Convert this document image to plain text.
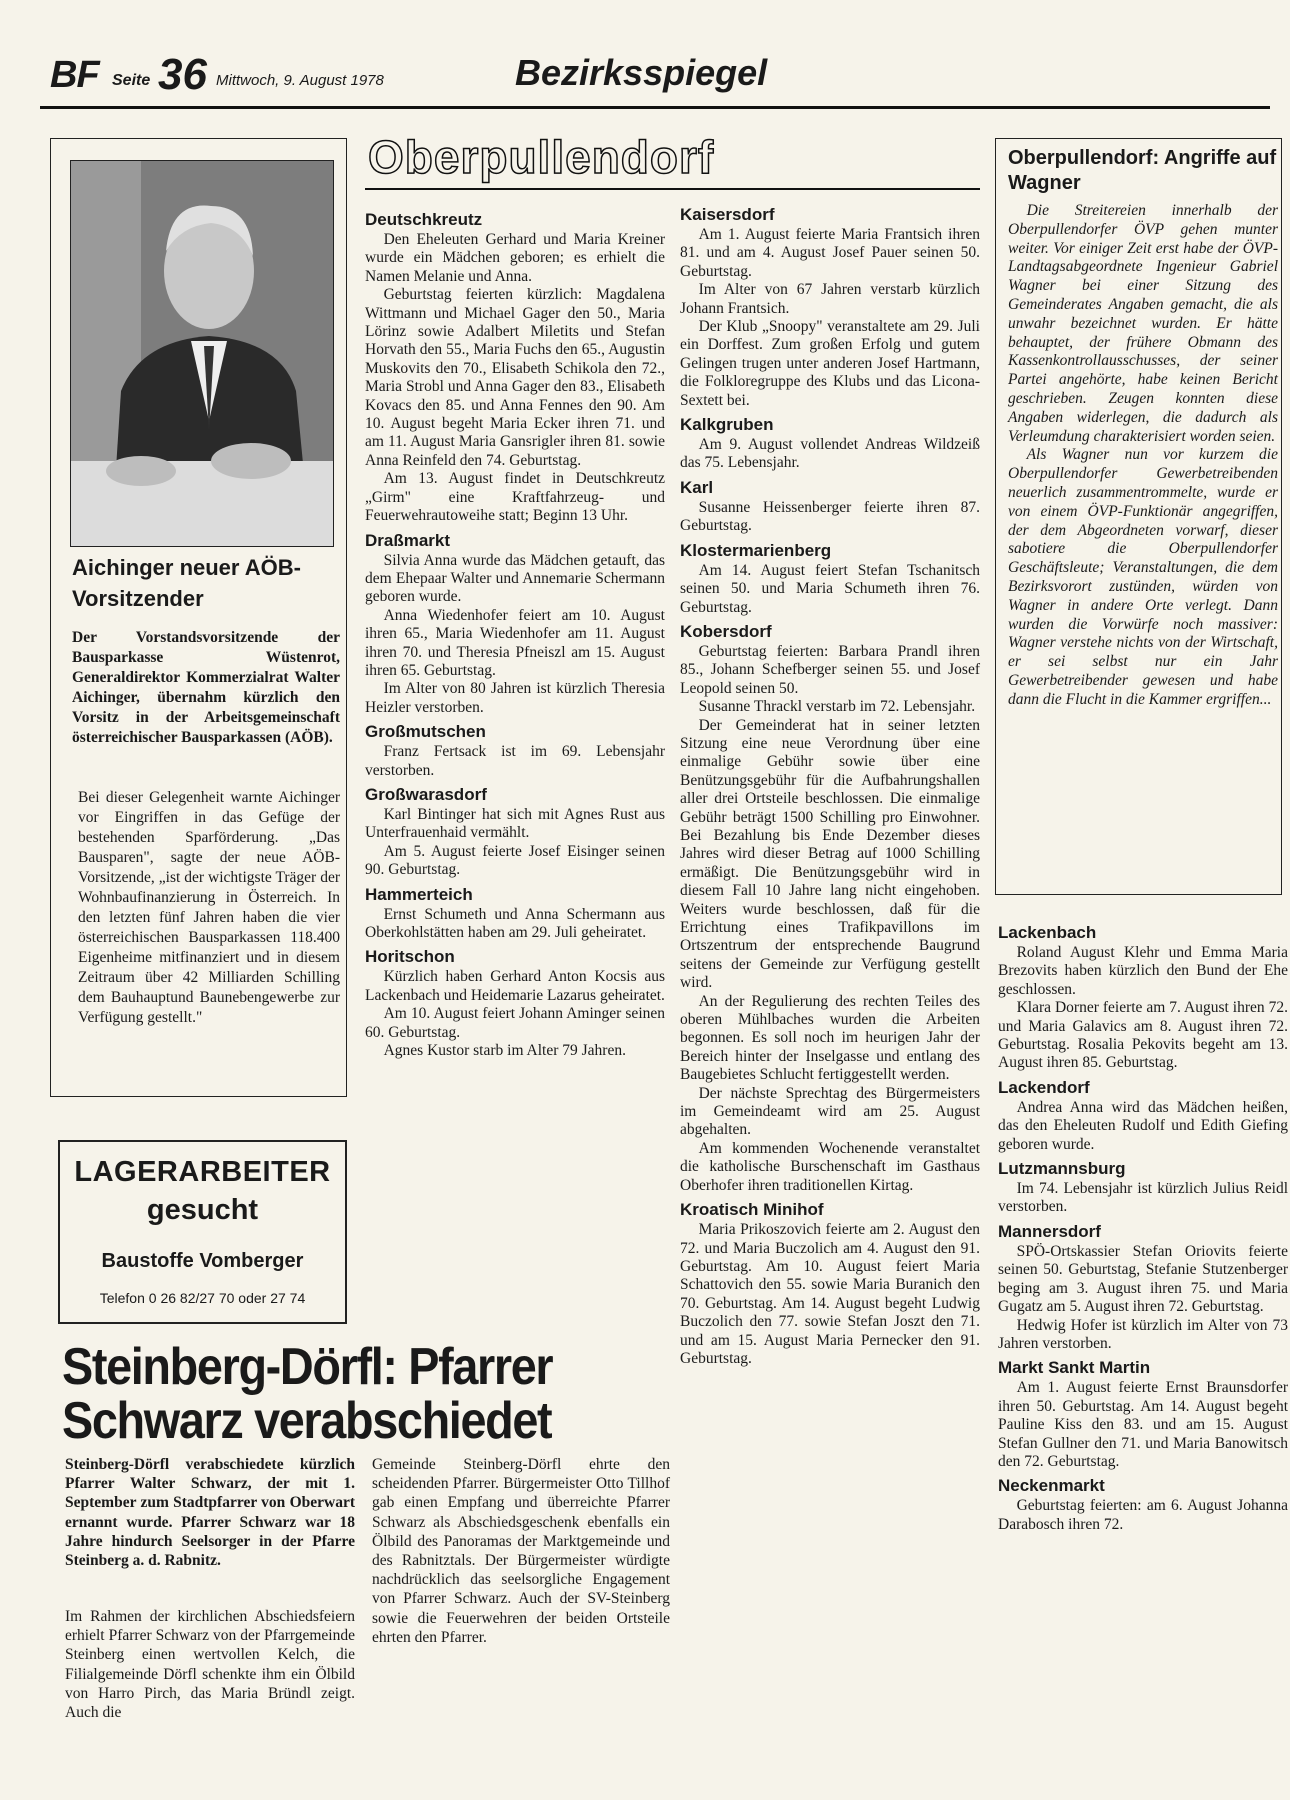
BF Seite 36 Mittwoch, 9. August 1978	Bezirksspiegel
Aichinger neuer AÖB-Vorsitzender
Der Vorstandsvorsitzende der Bausparkasse Wüstenrot, Generaldirektor Kommerzialrat Walter Aichinger, übernahm kürzlich den Vorsitz in der Arbeitsgemeinschaft österreichischer Bausparkassen (AÖB).
Bei dieser Gelegenheit warnte Aichinger vor Eingriffen in das Gefüge der bestehenden Sparförderung. „Das Bausparen", sagte der neue AÖB-Vorsitzende, „ist der wichtigste Träger der Wohnbaufinanzierung in Österreich. In den letzten fünf Jahren haben die vier österreichischen Bausparkassen 118.400 Eigenheime mitfinanziert und in diesem Zeitraum über 42 Milliarden Schilling dem Bauhauptund Baunebengewerbe zur Verfügung gestellt."
LAGERARBEITER
gesucht
Baustoffe Vomberger
Telefon 0 26 82/27 70 oder 27 74
Oberpullendorf
Deutschkreutz

Den Eheleuten Gerhard und Maria Kreiner wurde ein Mädchen geboren; es erhielt die Namen Melanie und Anna.

Geburtstag feierten kürzlich: Magdalena Wittmann und Michael Gager den 50., Maria Lörinz sowie Adalbert Miletits und Stefan Horvath den 55., Maria Fuchs den 65., Augustin Muskovits den 70., Elisabeth Schikola den 72., Maria Strobl und Anna Gager den 83., Elisabeth Kovacs den 85. und Anna Fennes den 90. Am 10. August begeht Maria Ecker ihren 71. und am 11. August Maria Gansrigler ihren 81. sowie Anna Reinfeld den 74. Geburtstag.

Am 13. August findet in Deutschkreutz „Girm" eine Kraftfahrzeug- und Feuerwehrautoweihe statt; Beginn 13 Uhr.

Draßmarkt

Silvia Anna wurde das Mädchen getauft, das dem Ehepaar Walter und Annemarie Schermann geboren wurde.

Anna Wiedenhofer feiert am 10. August ihren 65., Maria Wiedenhofer am 11. August ihren 70. und Theresia Pfneiszl am 15. August ihren 65. Geburtstag.

Im Alter von 80 Jahren ist kürzlich Theresia Heizler verstorben.

Großmutschen

Franz Fertsack ist im 69. Lebensjahr verstorben.

Großwarasdorf

Karl Bintinger hat sich mit Agnes Rust aus Unterfrauenhaid vermählt.

Am 5. August feierte Josef Eisinger seinen 90. Geburtstag.

Hammerteich

Ernst Schumeth und Anna Schermann aus Oberkohlstätten haben am 29. Juli geheiratet.

Horitschon

Kürzlich haben Gerhard Anton Kocsis aus Lackenbach und Heidemarie Lazarus geheiratet.

Am 10. August feiert Johann Aminger seinen 60. Geburtstag.

Agnes Kustor starb im Alter 79 Jahren.

Kaisersdorf

Am 1. August feierte Maria Frantsich ihren 81. und am 4. August Josef Pauer seinen 50. Geburtstag.

Im Alter von 67 Jahren verstarb kürzlich Johann Frantsich.

Der Klub „Snoopy" veranstaltete am 29. Juli ein Dorffest. Zum großen Erfolg und gutem Gelingen trugen unter anderen Josef Hartmann, die Folkloregruppe des Klubs und das Licona-Sextett bei.

Kalkgruben

Am 9. August vollendet Andreas Wildzeiß das 75. Lebensjahr.

Karl

Susanne Heissenberger feierte ihren 87. Geburtstag.

Klostermarienberg

Am 14. August feiert Stefan Tschanitsch seinen 50. und Maria Schumeth ihren 76. Geburtstag.

Kobersdorf

Geburtstag feierten: Barbara Prandl ihren 85., Johann Schefberger seinen 55. und Josef Leopold seinen 50.

Susanne Thrackl verstarb im 72. Lebensjahr.

Der Gemeinderat hat in seiner letzten Sitzung eine neue Verordnung über eine einmalige Gebühr sowie über eine Benützungsgebühr für die Aufbahrungshallen aller drei Ortsteile beschlossen. Die einmalige Gebühr beträgt 1500 Schilling pro Einwohner. Bei Bezahlung bis Ende Dezember dieses Jahres wird dieser Betrag auf 1000 Schilling ermäßigt. Die Benützungsgebühr wird in diesem Fall 10 Jahre lang nicht eingehoben. Weiters wurde beschlossen, daß für die Errichtung eines Trafikpavillons im Ortszentrum der entsprechende Baugrund seitens der Gemeinde zur Verfügung gestellt wird.

An der Regulierung des rechten Teiles des oberen Mühlbaches wurden die Arbeiten begonnen. Es soll noch im heurigen Jahr der Bereich hinter der Inselgasse und entlang des Baugebietes Schlucht fertiggestellt werden.

Der nächste Sprechtag des Bürgermeisters im Gemeindeamt wird am 25. August abgehalten.

Am kommenden Wochenende veranstaltet die katholische Burschenschaft im Gasthaus Oberhofer ihren traditionellen Kirtag.

Kroatisch Minihof

Maria Prikoszovich feierte am 2. August den 72. und Maria Buczolich am 4. August den 91. Geburtstag. Am 10. August feiert Maria Schattovich den 55. sowie Maria Buranich den 70. Geburtstag. Am 14. August begeht Ludwig Buczolich den 77. sowie Stefan Joszt den 71. und am 15. August Maria Pernecker den 91. Geburtstag.

Oberpullendorf: Angriffe auf Wagner

Die Streitereien innerhalb der Oberpullendorfer ÖVP gehen munter weiter. Vor einiger Zeit erst habe der ÖVP-Landtagsabgeordnete Ingenieur Gabriel Wagner bei einer Sitzung des Gemeinderates Angaben gemacht, die als unwahr bezeichnet wurden. Er hätte behauptet, der frühere Obmann des Kassenkontrollausschusses, der seiner Partei angehörte, habe keinen Bericht geschrieben. Zeugen konnten diese Angaben widerlegen, die dadurch als Verleumdung charakterisiert worden seien.

Als Wagner nun vor kurzem die Oberpullendorfer Gewerbetreibenden neuerlich zusammentrommelte, wurde er von einem ÖVP-Funktionär angegriffen, der dem Abgeordneten vorwarf, dieser sabotiere die Oberpullendorfer Geschäftsleute; Veranstaltungen, die dem Bezirksvorort zustünden, würden von Wagner in andere Orte verlegt. Dann wurden die Vorwürfe noch massiver: Wagner verstehe nichts von der Wirtschaft, er sei selbst nur ein Jahr Gewerbetreibender gewesen und habe dann die Flucht in die Kammer ergriffen...

Lackenbach

Roland August Klehr und Emma Maria Brezovits haben kürzlich den Bund der Ehe geschlossen.

Klara Dorner feierte am 7. August ihren 72. und Maria Galavics am 8. August ihren 72. Geburtstag. Rosalia Pekovits begeht am 13. August ihren 85. Geburtstag.

Lackendorf

Andrea Anna wird das Mädchen heißen, das den Eheleuten Rudolf und Edith Giefing geboren wurde.

Lutzmannsburg

Im 74. Lebensjahr ist kürzlich Julius Reidl verstorben.

Mannersdorf

SPÖ-Ortskassier Stefan Oriovits feierte seinen 50. Geburtstag, Stefanie Stutzenberger beging am 3. August ihren 75. und Maria Gugatz am 5. August ihren 72. Geburtstag.

Hedwig Hofer ist kürzlich im Alter von 73 Jahren verstorben.

Markt Sankt Martin

Am 1. August feierte Ernst Braunsdorfer ihren 50. Geburtstag. Am 14. August begeht Pauline Kiss den 83. und am 15. August Stefan Gullner den 71. und Maria Banowitsch den 72. Geburtstag.

Neckenmarkt

Geburtstag feierten: am 6. August Johanna Darabosch ihren 72.

Steinberg-Dörfl: Pfarrer Schwarz verabschiedet
Steinberg-Dörfl verabschiedete kürzlich Pfarrer Walter Schwarz, der mit 1. September zum Stadtpfarrer von Oberwart ernannt wurde. Pfarrer Schwarz war 18 Jahre hindurch Seelsorger in der Pfarre Steinberg a. d. Rabnitz.
Im Rahmen der kirchlichen Abschiedsfeiern erhielt Pfarrer Schwarz von der Pfarrgemeinde Steinberg einen wertvollen Kelch, die Filialgemeinde Dörfl schenkte ihm ein Ölbild von Harro Pirch, das Maria Bründl zeigt. Auch die
Gemeinde Steinberg-Dörfl ehrte den scheidenden Pfarrer. Bürgermeister Otto Tillhof gab einen Empfang und überreichte Pfarrer Schwarz als Abschiedsgeschenk ebenfalls ein Ölbild des Panoramas der Marktgemeinde und des Rabnitztals. Der Bürgermeister würdigte nachdrücklich das seelsorgliche Engagement von Pfarrer Schwarz. Auch der SV-Steinberg sowie die Feuerwehren der beiden Ortsteile ehrten den Pfarrer.
